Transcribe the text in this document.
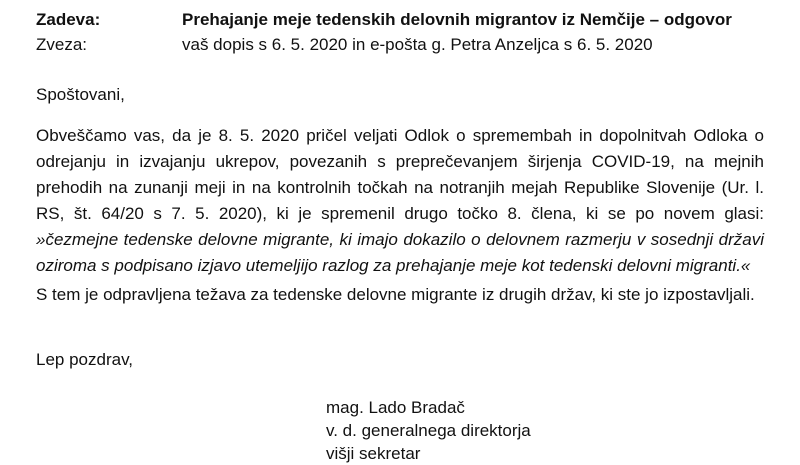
Zadeva:	Prehajanje meje tedenskih delovnih migrantov iz Nemčije – odgovor
Zveza:	vaš dopis s 6. 5. 2020 in e-pošta g. Petra Anzeljca s 6. 5. 2020
Spoštovani,
Obveščamo vas, da je 8. 5. 2020 pričel veljati Odlok o spremembah in dopolnitvah Odloka o
odrejanju in izvajanju ukrepov, povezanih s preprečevanjem širjenja COVID-19, na mejnih
prehodih na zunanji meji in na kontrolnih točkah na notranjih mejah Republike Slovenije (Ur. l.
RS, št. 64/20 s 7. 5. 2020), ki je spremenil drugo točko 8. člena, ki se po novem glasi:
»čezmejne tedenske delovne migrante, ki imajo dokazilo o delovnem razmerju v sosednji državi
oziroma s podpisano izjavo utemeljijo razlog za prehajanje meje kot tedenski delovni migranti.«
S tem je odpravljena težava za tedenske delovne migrante iz drugih držav, ki ste jo izpostavljali.
Lep pozdrav,
mag. Lado Bradač
v. d. generalnega direktorja
višji sekretar
